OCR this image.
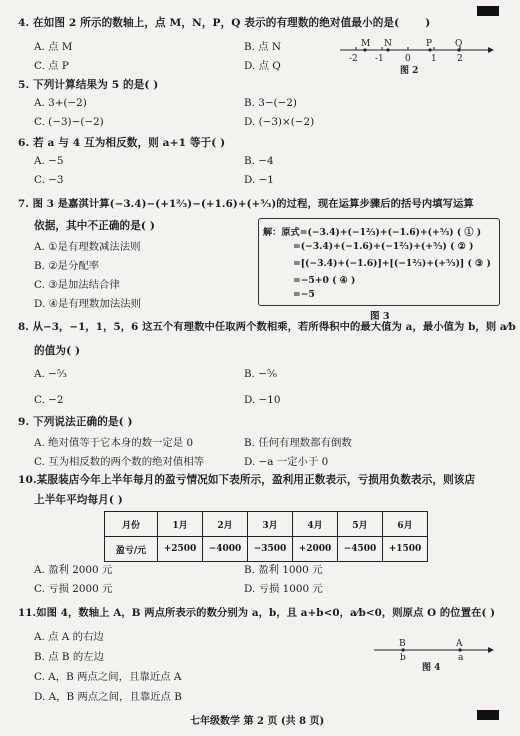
4. 在如图 2 所示的数轴上，点 M，N，P，Q 表示的有理数的绝对值最小的是( )
A. 点 M	B. 点 N
C. 点 P	D. 点 Q
M N	P	Q
-2 -1 0 1 2
图 2
5. 下列计算结果为 5 的是( )
A. 3+(−2)	B. 3−(−2)
C. (−3)−(−2)	D. (−3)×(−2)
6. 若 a 与 4 互为相反数，则 a+1 等于( )
A. −5	B. −4
C. −3	D. −1
7. 图 3 是嘉淇计算(−3.4)−(+1²⁄₃)−(+1.6)+(+⁵⁄₃)的过程，现在运算步骤后的括号内填写运算
依据，其中不正确的是( )
A. ①是有理数减法法则
B. ②是分配率
C. ③是加法结合律
D. ④是有理数加法法则
解：原式=(−3.4)+(−1²⁄₃)+(−1.6)+(+⁵⁄₃) ( ① )
=(−3.4)+(−1.6)+(−1²⁄₃)+(+⁵⁄₃) ( ② )
=[(−3.4)+(−1.6)]+[(−1²⁄₃)+(+⁵⁄₃)] ( ③ )
=−5+0 ( ④ )
=−5
图 3
8. 从−3，−1，1，5，6 这五个有理数中任取两个数相乘，若所得积中的最大值为 a，最小值为 b，则 a⁄b
的值为( )
A. −⁵⁄₃	B. −⁵⁄₆
C. −2	D. −10
9. 下列说法正确的是( )
A. 绝对值等于它本身的数一定是 0	B. 任何有理数都有倒数
C. 互为相反数的两个数的绝对值相等	D. −a 一定小于 0
10.某服装店今年上半年每月的盈亏情况如下表所示，盈利用正数表示，亏损用负数表示，则该店
上半年平均每月( )
月份	1月	2月	3月	4月	5月	6月
盈亏/元	+2500	−4000	−3500	+2000	−4500	+1500
A. 盈利 2000 元	B. 盈利 1000 元
C. 亏损 2000 元	D. 亏损 1000 元
11.如图 4，数轴上 A，B 两点所表示的数分别为 a，b，且 a+b<0，a⁄b<0，则原点 O 的位置在( )
A. 点 A 的右边
B. 点 B 的左边
C. A，B 两点之间，且靠近点 A
D. A，B 两点之间，且靠近点 B
B	A
b	a
图 4
七年级数学 第 2 页 (共 8 页)
